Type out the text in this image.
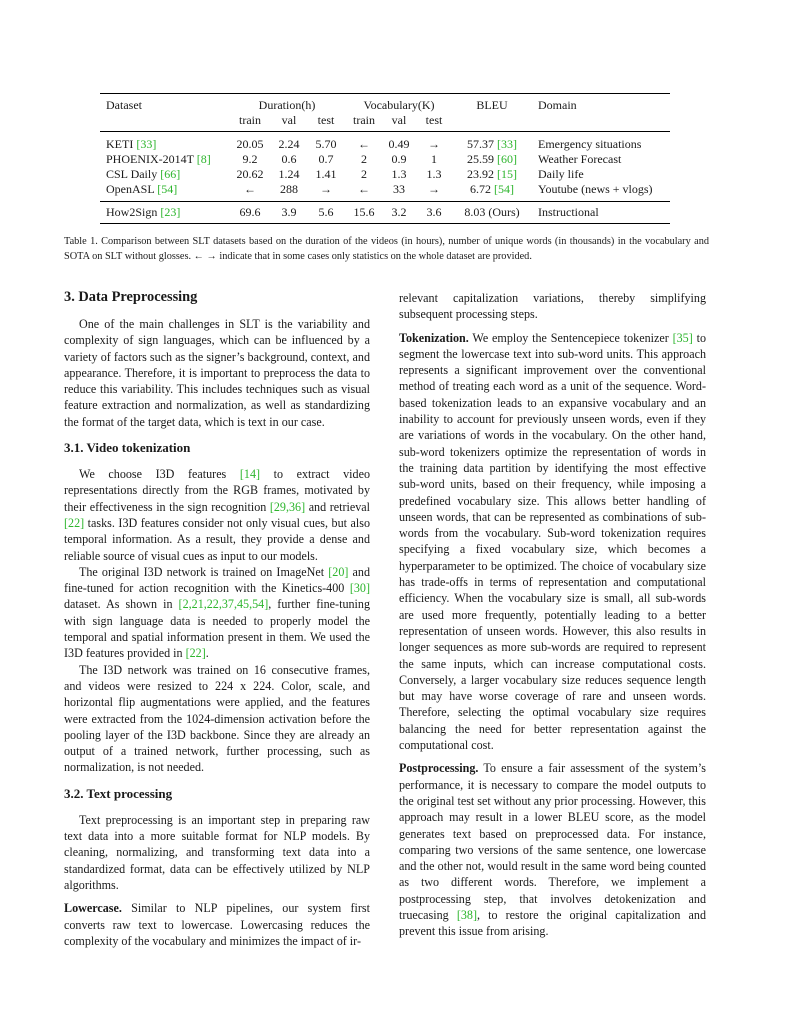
Dataset	Duration(h)			Vocabulary(K)			BLEU	Domain
	train	val	test	train	val	test		
KETI [33]	20.05	2.24	5.70	←	0.49	→	57.37 [33]	Emergency situations
PHOENIX-2014T [8]	9.2	0.6	0.7	2	0.9	1	25.59 [60]	Weather Forecast
CSL Daily [66]	20.62	1.24	1.41	2	1.3	1.3	23.92 [15]	Daily life
OpenASL [54]	←	288	→	←	33	→	6.72 [54]	Youtube (news + vlogs)
How2Sign [23]	69.6	3.9	5.6	15.6	3.2	3.6	8.03 (Ours)	Instructional
Table 1. Comparison between SLT datasets based on the duration of the videos (in hours), number of unique words (in thousands) in the vocabulary and SOTA on SLT without glosses. ← → indicate that in some cases only statistics on the whole dataset are provided.
3. Data Preprocessing

One of the main challenges in SLT is the variability and complexity of sign languages, which can be influenced by a variety of factors such as the signer’s background, context, and appearance. Therefore, it is important to preprocess the data to reduce this variability. This includes techniques such as visual feature extraction and normalization, as well as standardizing the format of the target data, which is text in our case.

3.1. Video tokenization

We choose I3D features [14] to extract video representations directly from the RGB frames, motivated by their effectiveness in the sign recognition [29,36] and retrieval [22] tasks. I3D features consider not only visual cues, but also temporal information. As a result, they provide a dense and reliable source of visual cues as input to our models.

The original I3D network is trained on ImageNet [20] and fine-tuned for action recognition with the Kinetics-400 [30] dataset. As shown in [2,21,22,37,45,54], further fine-tuning with sign language data is needed to properly model the temporal and spatial information present in them. We used the I3D features provided in [22].

The I3D network was trained on 16 consecutive frames, and videos were resized to 224 x 224. Color, scale, and horizontal flip augmentations were applied, and the features were extracted from the 1024-dimension activation before the pooling layer of the I3D backbone. Since they are already an output of a trained network, further processing, such as normalization, is not needed.

3.2. Text processing

Text preprocessing is an important step in preparing raw text data into a more suitable format for NLP models. By cleaning, normalizing, and transforming text data into a standardized format, data can be effectively utilized by NLP algorithms.

Lowercase. Similar to NLP pipelines, our system first converts raw text to lowercase. Lowercasing reduces the complexity of the vocabulary and minimizes the impact of ir-

relevant capitalization variations, thereby simplifying subsequent processing steps.

Tokenization. We employ the Sentencepiece tokenizer [35] to segment the lowercase text into sub-word units. This approach represents a significant improvement over the conventional method of treating each word as a unit of the sequence. Word-based tokenization leads to an expansive vocabulary and an inability to account for previously unseen words, even if they are variations of words in the vocabulary. On the other hand, sub-word tokenizers optimize the representation of words in the training data partition by identifying the most effective sub-word units, based on their frequency, while imposing a predefined vocabulary size. This allows better handling of unseen words, that can be represented as combinations of sub-words from the vocabulary. Sub-word tokenization requires specifying a fixed vocabulary size, which becomes a hyperparameter to be optimized. The choice of vocabulary size has trade-offs in terms of representation and computational efficiency. When the vocabulary size is small, all sub-words are used more frequently, potentially leading to a better representation of unseen words. However, this also results in longer sequences as more sub-words are required to represent the same inputs, which can increase computational costs. Conversely, a larger vocabulary size reduces sequence length but may have worse coverage of rare and unseen words. Therefore, selecting the optimal vocabulary size requires balancing the need for better representation against the computational cost.

Postprocessing. To ensure a fair assessment of the system’s performance, it is necessary to compare the model outputs to the original test set without any prior processing. However, this approach may result in a lower BLEU score, as the model generates text based on preprocessed data. For instance, comparing two versions of the same sentence, one lowercase and the other not, would result in the same word being counted as two different words. Therefore, we implement a postprocessing step, that involves detokenization and truecasing [38], to restore the original capitalization and prevent this issue from arising.
